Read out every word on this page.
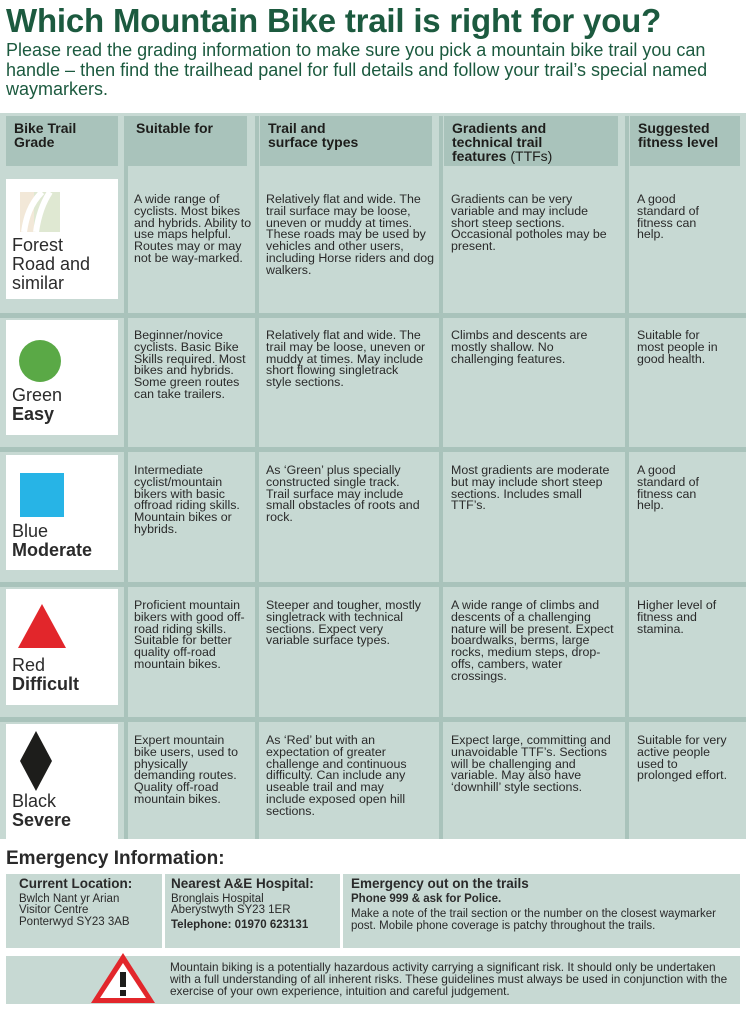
Which Mountain Bike trail is right for you?
Please read the grading information to make sure you pick a mountain bike trail you can handle – then find the trailhead panel for full details and follow your trail’s special named waymarkers.
Bike Trail
Grade
Suitable for	Trail and
surface types
Gradients and
technical trail
features (TTFs)
Suggested
fitness level
Forest
Road and
similar
A wide range of cyclists. Most bikes and hybrids. Ability to use maps helpful. Routes may or may not be way-marked.
Relatively flat and wide. The trail surface may be loose, uneven or muddy at times. These roads may be used by vehicles and other users, including Horse riders and dog walkers.
Gradients can be very variable and may include short steep sections. Occasional potholes may be present.
A good standard of fitness can help.
Green
Easy
Beginner/novice cyclists. Basic Bike Skills required. Most bikes and hybrids. Some green routes can take trailers.
Relatively flat and wide. The trail may be loose, uneven or muddy at times. May include short flowing singletrack style sections.
Climbs and descents are mostly shallow. No challenging features.
Suitable for most people in good health.
Blue
Moderate
Intermediate cyclist/mountain bikers with basic offroad riding skills. Mountain bikes or hybrids.
As ‘Green’ plus specially constructed single track. Trail surface may include small obstacles of roots and rock.
Most gradients are moderate but may include short steep sections. Includes small TTF’s.
A good standard of fitness can help.
Red
Difficult
Proficient mountain bikers with good off-road riding skills. Suitable for better quality off-road mountain bikes.
Steeper and tougher, mostly singletrack with technical sections. Expect very variable surface types.
A wide range of climbs and descents of a challenging nature will be present. Expect boardwalks, berms, large rocks, medium steps, drop-offs, cambers, water crossings.
Higher level of fitness and stamina.
Black
Severe
Expert mountain bike users, used to physically demanding routes. Quality off-road mountain bikes.
As ‘Red’ but with an expectation of greater challenge and continuous difficulty. Can include any useable trail and may include exposed open hill sections.
Expect large, committing and unavoidable TTF’s. Sections will be challenging and variable. May also have ‘downhill’ style sections.
Suitable for very active people used to prolonged effort.
Emergency Information:
Current Location:
Bwlch Nant yr Arian
Visitor Centre
Ponterwyd SY23 3AB
Nearest A&E Hospital:
Bronglais Hospital
Aberystwyth SY23 1ER
Telephone: 01970 623131
Emergency out on the trails
Phone 999 & ask for Police.
Make a note of the trail section or the number on the closest waymarker post. Mobile phone coverage is patchy throughout the trails.
Mountain biking is a potentially hazardous activity carrying a significant risk. It should only be undertaken with a full understanding of all inherent risks. These guidelines must always be used in conjunction with the exercise of your own experience, intuition and careful judgement.
